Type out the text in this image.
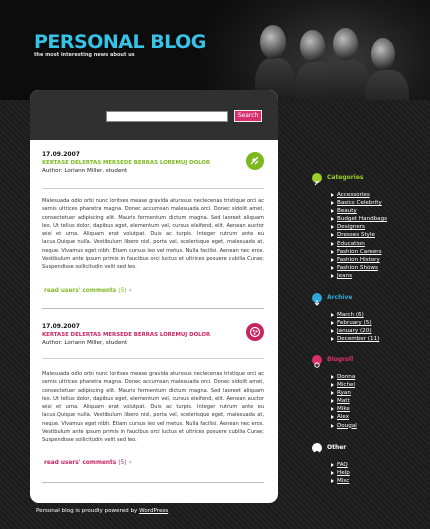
PERSONAL BLOG
the most interesting news about us
Search
17.09.2007
KERTASE DELERTAS MERSEDE BERRAS LOREMUJ DOLOR
Author: Loriann Miller, student
Malesuada odio orbi nunc loritses mease gravida aturssus neclecenas tristique orci ac semis ultrices pharetra magna. Donec accumsan malesuada orci. Donec sidolit amet, consectetuer adipiscing elit. Mauris fermentum dictum magna. Sed laoreet aliquam leo. Ut tellus dolor, dapibus eget, elementum vel, cursus eleifend, elit. Aenean auctor wisi et urna. Aliquam erat volutpat. Duis ac turpis. Integer rutrum ante eu lacus.Quique nulla. Vestibulum libero nisl, porta vel, scelerisque eget, malesuada at, neque. Vivamus eget nibh. Etiam cursus leo vel metus. Nulla facilisi. Aenean nec eros. Vestibulum ante ipsum primis in faucibus orci luctus et ultrices posuere cubilia Curae; Suspendisse sollicitudin velit sed leo.
read users' comments (5) »
17.09.2007
KERTASE DELERTAS MERSEDE BERRAS LOREMUJ DOLOR
Author: Loriann Miller, student
Malesuada odio orbi nunc loritses mease gravida aturssus neclecenas tristique orci ac semis ultrices pharetra magna. Donec accumsan malesuada orci. Donec sidolit amet, consectetuer adipiscing elit. Mauris fermentum dictum magna. Sed laoreet aliquam leo. Ut tellus dolor, dapibus eget, elementum vel, cursus eleifend, elit. Aenean auctor wisi et urna. Aliquam erat volutpat. Duis ac turpis. Integer rutrum ante eu lacus.Quique nulla. Vestibulum libero nisl, porta vel, scelerisque eget, malesuada at, neque. Vivamus eget nibh. Etiam cursus leo vel metus. Nulla facilisi. Aenean nec eros. Vestibulum ante ipsum primis in faucibus orci luctus et ultrices posuere cubilia Curae; Suspendisse sollicitudin velit sed leo.
read users' comments (5) »
Categories
Accessories
Basics Celebrity
Beauty
Budget Handbags
Designers
Dresses Style
Education
Fashion Careers
Fashion History
Fashion Shows
Jeans
Archive
March (6)
February (5)
January (20)
December (11)
Blogroll
Donna
Michel
Ryan
Matt
Mike
Alex
Dougal
Other
FAQ
Help
Misc
Personal blog is proudly powered by WordPress
